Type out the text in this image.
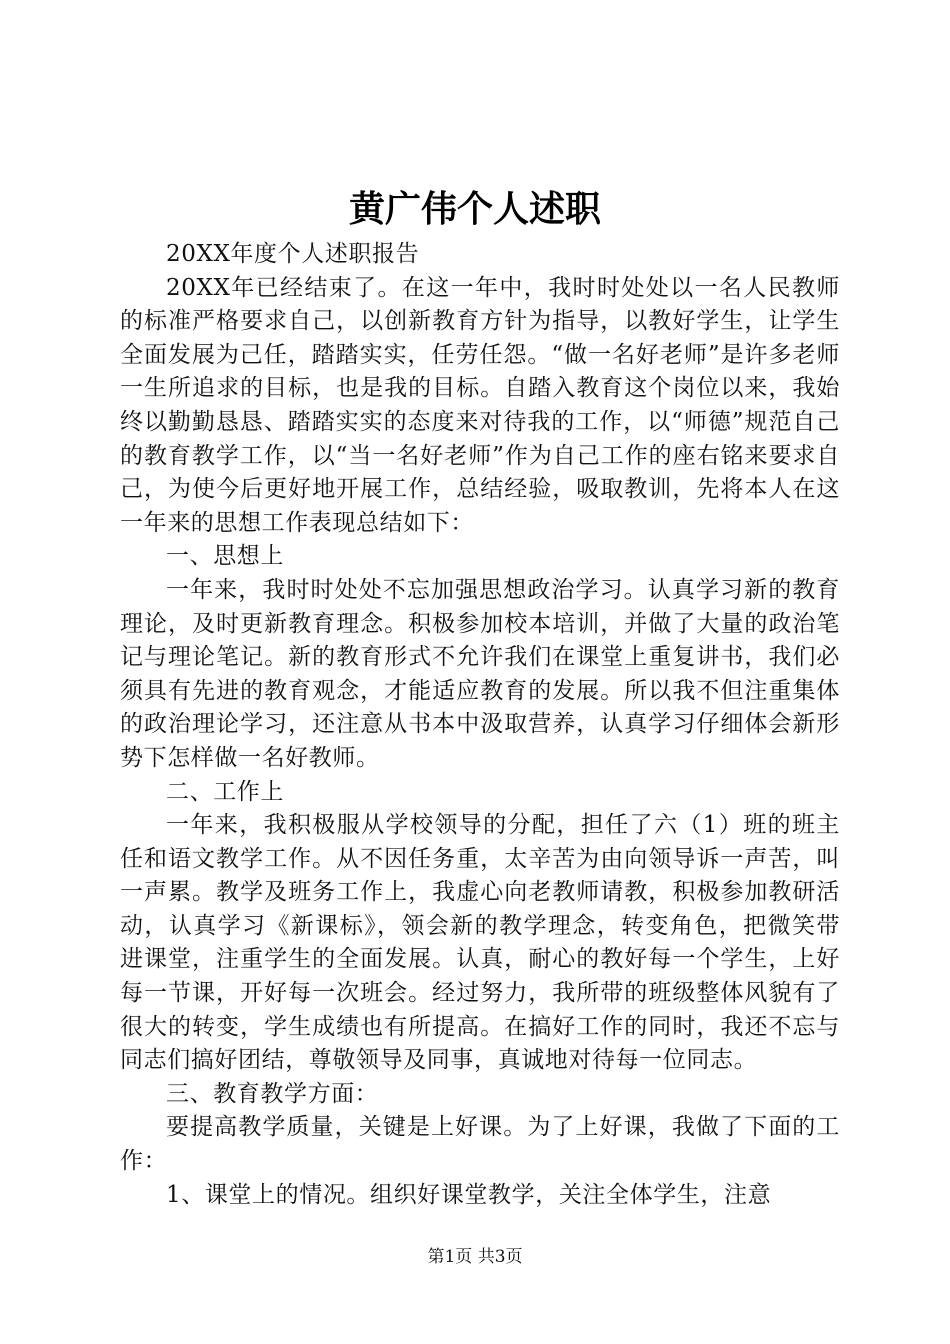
黄广伟个人述职

20XX年度个人述职报告

20XX年已经结束了。在这一年中，我时时处处以一名人民教师的标准严格要求自己，以创新教育方针为指导，以教好学生，让学生全面发展为己任，踏踏实实，任劳任怨。“做一名好老师”是许多老师一生所追求的目标，也是我的目标。自踏入教育这个岗位以来，我始终以勤勤恳恳、踏踏实实的态度来对待我的工作，以“师德”规范自己的教育教学工作，以“当一名好老师”作为自己工作的座右铭来要求自己，为使今后更好地开展工作，总结经验，吸取教训，先将本人在这一年来的思想工作表现总结如下：

一、思想上

一年来，我时时处处不忘加强思想政治学习。认真学习新的教育理论，及时更新教育理念。积极参加校本培训，并做了大量的政治笔记与理论笔记。新的教育形式不允许我们在课堂上重复讲书，我们必须具有先进的教育观念，才能适应教育的发展。所以我不但注重集体的政治理论学习，还注意从书本中汲取营养，认真学习仔细体会新形势下怎样做一名好教师。

二、工作上

一年来，我积极服从学校领导的分配，担任了六（1）班的班主任和语文教学工作。从不因任务重，太辛苦为由向领导诉一声苦，叫一声累。教学及班务工作上，我虚心向老教师请教，积极参加教研活动，认真学习《新课标》，领会新的教学理念，转变角色，把微笑带进课堂，注重学生的全面发展。认真，耐心的教好每一个学生，上好每一节课，开好每一次班会。经过努力，我所带的班级整体风貌有了很大的转变，学生成绩也有所提高。在搞好工作的同时，我还不忘与同志们搞好团结，尊敬领导及同事，真诚地对待每一位同志。

三、教育教学方面：

要提高教学质量，关键是上好课。为了上好课，我做了下面的工作：

1、课堂上的情况。组织好课堂教学，关注全体学生，注意

第1页 共3页
